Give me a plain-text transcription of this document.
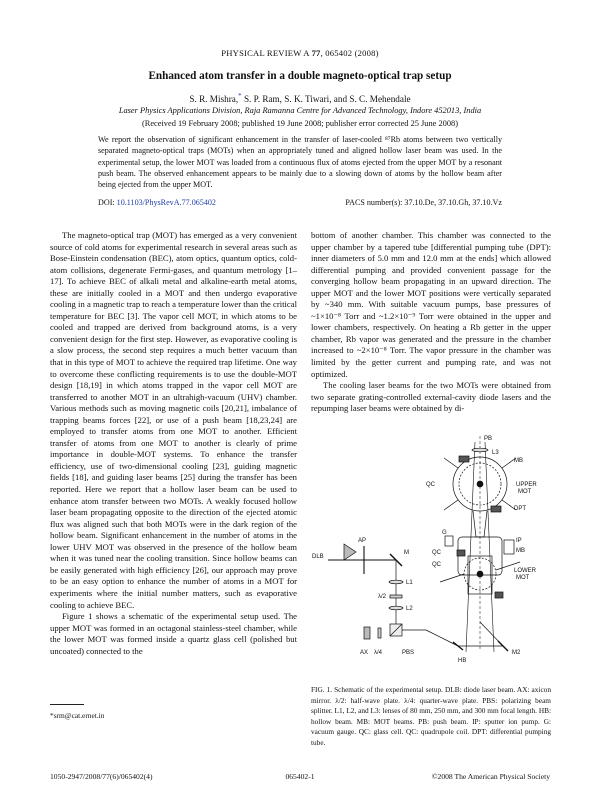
PHYSICAL REVIEW A 77, 065402 (2008)
Enhanced atom transfer in a double magneto-optical trap setup
S. R. Mishra,* S. P. Ram, S. K. Tiwari, and S. C. Mehendale
Laser Physics Applications Division, Raja Ramanna Centre for Advanced Technology, Indore 452013, India
(Received 19 February 2008; published 19 June 2008; publisher error corrected 25 June 2008)
We report the observation of significant enhancement in the transfer of laser-cooled ⁸⁷Rb atoms between two vertically separated magneto-optical traps (MOTs) when an appropriately tuned and aligned hollow laser beam was used. In the experimental setup, the lower MOT was loaded from a continuous flux of atoms ejected from the upper MOT by a resonant push beam. The observed enhancement appears to be mainly due to a slowing down of atoms by the hollow beam after being ejected from the upper MOT.
DOI: 10.1103/PhysRevA.77.065402	PACS number(s): 37.10.De, 37.10.Gh, 37.10.Vz

The magneto-optical trap (MOT) has emerged as a very convenient source of cold atoms for experimental research in several areas such as Bose-Einstein condensation (BEC), atom optics, quantum optics, cold-atom collisions, degenerate Fermi-gases, and quantum metrology [1–17]. To achieve BEC of alkali metal and alkaline-earth metal atoms, these are initially cooled in a MOT and then undergo evaporative cooling in a magnetic trap to reach a temperature lower than the critical temperature for BEC [3]. The vapor cell MOT, in which atoms to be cooled and trapped are derived from background atoms, is a very convenient design for the first step. However, as evaporative cooling is a slow process, the second step requires a much better vacuum than that in this type of MOT to achieve the required trap lifetime. One way to overcome these conflicting requirements is to use the double-MOT design [18,19] in which atoms trapped in the vapor cell MOT are transferred to another MOT in an ultrahigh-vacuum (UHV) chamber. Various methods such as moving magnetic coils [20,21], imbalance of trapping beams forces [22], or use of a push beam [18,23,24] are employed to transfer atoms from one MOT to another. Efficient transfer of atoms from one MOT to another is clearly of prime importance in double-MOT systems. To enhance the transfer efficiency, use of two-dimensional cooling [23], guiding magnetic fields [18], and guiding laser beams [25] during the transfer has been reported. Here we report that a hollow laser beam can be used to enhance atom transfer between two MOTs. A weakly focused hollow laser beam propagating opposite to the direction of the ejected atomic flux was aligned such that both MOTs were in the dark region of the hollow beam. Significant enhancement in the number of atoms in the lower UHV MOT was observed in the presence of the hollow beam when it was tuned near the cooling transition. Since hollow beams can be easily generated with high efficiency [26], our approach may prove to be an easy option to enhance the number of atoms in a MOT for experiments where the initial number matters, such as evaporative cooling to achieve BEC.

Figure 1 shows a schematic of the experimental setup used. The upper MOT was formed in an octagonal stainless-steel chamber, while the lower MOT was formed inside a quartz glass cell (polished but uncoated) connected to the

bottom of another chamber. This chamber was connected to the upper chamber by a tapered tube [differential pumping tube (DPT): inner diameters of 5.0 mm and 12.0 mm at the ends] which allowed differential pumping and provided convenient passage for the converging hollow beam propagating in an upward direction. The upper MOT and the lower MOT positions were vertically separated by ~340 mm. With suitable vacuum pumps, base pressures of ~1×10⁻⁸ Torr and ~1.2×10⁻⁹ Torr were obtained in the upper and lower chambers, respectively. On heating a Rb getter in the upper chamber, Rb vapor was generated and the pressure in the chamber increased to ~2×10⁻⁸ Torr. The vapor pressure in the chamber was limited by the getter current and pumping rate, and was not optimized.

The cooling laser beams for the two MOTs were obtained from two separate grating-controlled external-cavity diode lasers and the repumping laser beams were obtained by di-

PB
L3
MB
QC	UPPER
MOT
DPT
AP
DLB
M
G
IP
MB
QC
QC
LOWER
MOT
L1
λ/2
L2
AX λ/4	PBS
HB
M2
FIG. 1. Schematic of the experimental setup. DLB: diode laser beam. AX: axicon mirror. λ/2: half-wave plate. λ/4: quarter-wave plate. PBS: polarizing beam splitter. L1, L2, and L3: lenses of 80 mm, 250 mm, and 300 mm focal length. HB: hollow beam. MB: MOT beams. PB: push beam. IP: sputter ion pump. G: vacuum gauge. QC: glass cell. QC: quadrupole coil. DPT: differential pumping tube.
*srm@cat.ernet.in
1050-2947/2008/77(6)/065402(4)	065402-1	©2008 The American Physical Society
